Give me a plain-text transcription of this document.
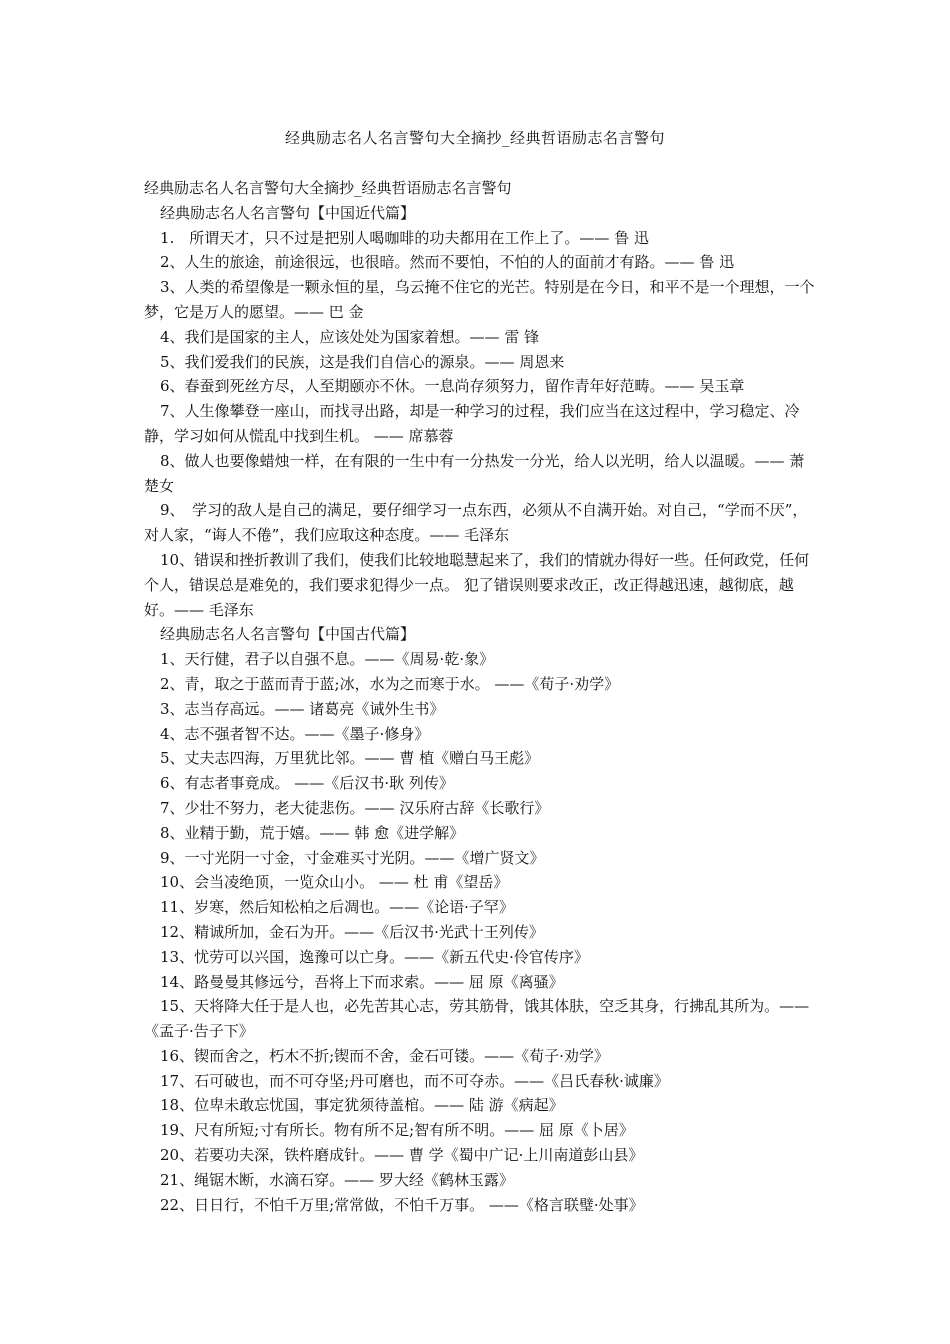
经典励志名人名言警句大全摘抄_经典哲语励志名言警句

经典励志名人名言警句大全摘抄_经典哲语励志名言警句

经典励志名人名言警句【中国近代篇】

1.　所谓天才，只不过是把别人喝咖啡的功夫都用在工作上了。—— 鲁 迅

2、人生的旅途，前途很远，也很暗。然而不要怕，不怕的人的面前才有路。—— 鲁 迅

3、人类的希望像是一颗永恒的星，乌云掩不住它的光芒。特别是在今日，和平不是一个理想，一个梦，它是万人的愿望。—— 巴 金

4、我们是国家的主人，应该处处为国家着想。—— 雷 锋

5、我们爱我们的民族，这是我们自信心的源泉。—— 周恩来

6、春蚕到死丝方尽，人至期颐亦不休。一息尚存须努力，留作青年好范畴。—— 吴玉章

7、人生像攀登一座山，而找寻出路，却是一种学习的过程，我们应当在这过程中，学习稳定、冷静，学习如何从慌乱中找到生机。 —— 席慕蓉

8、做人也要像蜡烛一样，在有限的一生中有一分热发一分光，给人以光明，给人以温暖。—— 萧楚女

9、　学习的敌人是自己的满足，要仔细学习一点东西，必须从不自满开始。对自己，“学而不厌”，对人家，“诲人不倦”，我们应取这种态度。—— 毛泽东

10、错误和挫折教训了我们，使我们比较地聪慧起来了，我们的情就办得好一些。任何政党，任何个人，错误总是难免的，我们要求犯得少一点。 犯了错误则要求改正，改正得越迅速，越彻底，越好。—— 毛泽东

经典励志名人名言警句【中国古代篇】

1、天行健，君子以自强不息。——《周易·乾·象》

2、青，取之于蓝而青于蓝;冰，水为之而寒于水。 ——《荀子·劝学》

3、志当存高远。—— 诸葛亮《诫外生书》

4、志不强者智不达。——《墨子·修身》

5、丈夫志四海，万里犹比邻。—— 曹 植《赠白马王彪》

6、有志者事竟成。 ——《后汉书·耿 列传》

7、少壮不努力，老大徒悲伤。—— 汉乐府古辞《长歌行》

8、业精于勤，荒于嬉。—— 韩 愈《进学解》

9、一寸光阴一寸金，寸金难买寸光阴。——《增广贤文》

10、会当凌绝顶，一览众山小。 —— 杜 甫《望岳》

11、岁寒，然后知松柏之后凋也。——《论语·子罕》

12、精诚所加，金石为开。——《后汉书·光武十王列传》

13、忧劳可以兴国，逸豫可以亡身。——《新五代史·伶官传序》

14、路曼曼其修远兮，吾将上下而求索。—— 屈 原《离骚》

15、天将降大任于是人也，必先苦其心志，劳其筋骨，饿其体肤，空乏其身，行拂乱其所为。——《孟子·告子下》

16、锲而舍之，朽木不折;锲而不舍，金石可镂。——《荀子·劝学》

17、石可破也，而不可夺坚;丹可磨也，而不可夺赤。——《吕氏春秋·诚廉》

18、位卑未敢忘忧国，事定犹须待盖棺。—— 陆 游《病起》

19、尺有所短;寸有所长。物有所不足;智有所不明。—— 屈 原《卜居》

20、若要功夫深，铁杵磨成针。—— 曹 学《蜀中广记·上川南道彭山县》

21、绳锯木断，水滴石穿。—— 罗大经《鹤林玉露》

22、日日行，不怕千万里;常常做，不怕千万事。 ——《格言联璧·处事》
